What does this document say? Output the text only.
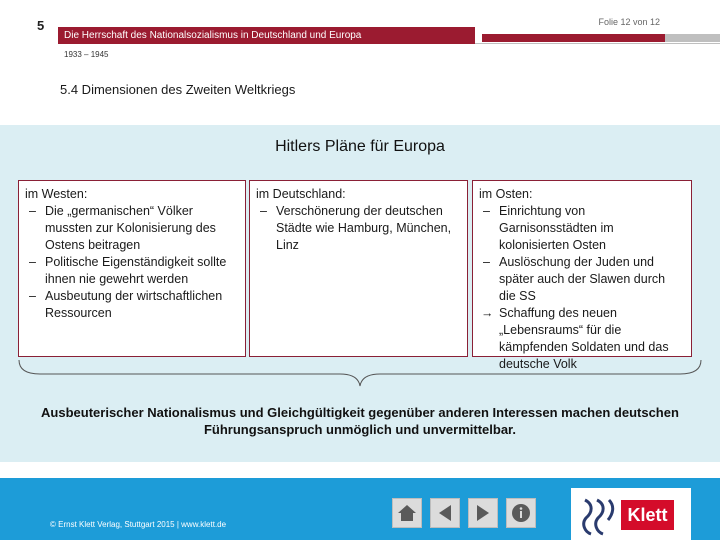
5	Folie 12 von 12
Die Herrschaft des Nationalsozialismus in Deutschland und Europa
1933 – 1945
5.4 Dimensionen des Zweiten Weltkriegs
Hitlers Pläne für Europa
im Westen:
– Die „germanischen“ Völker mussten zur Kolonisierung des Ostens beitragen
– Politische Eigenständigkeit sollte ihnen nie gewehrt werden
– Ausbeutung der wirtschaftlichen Ressourcen
im Deutschland:
– Verschönerung der deutschen Städte wie Hamburg, München, Linz
im Osten:
– Einrichtung von Garnisonsstädten im kolonisierten Osten
– Auslöschung der Juden und später auch der Slawen durch die SS
→ Schaffung des neuen „Lebensraums“ für die kämpfenden Soldaten und das deutsche Volk
Ausbeuterischer Nationalismus und Gleichgültigkeit gegenüber anderen Interessen machen deutschen Führungsanspruch unmöglich und unvermittelbar.
© Ernst Klett Verlag, Stuttgart 2015 | www.klett.de	Klett
